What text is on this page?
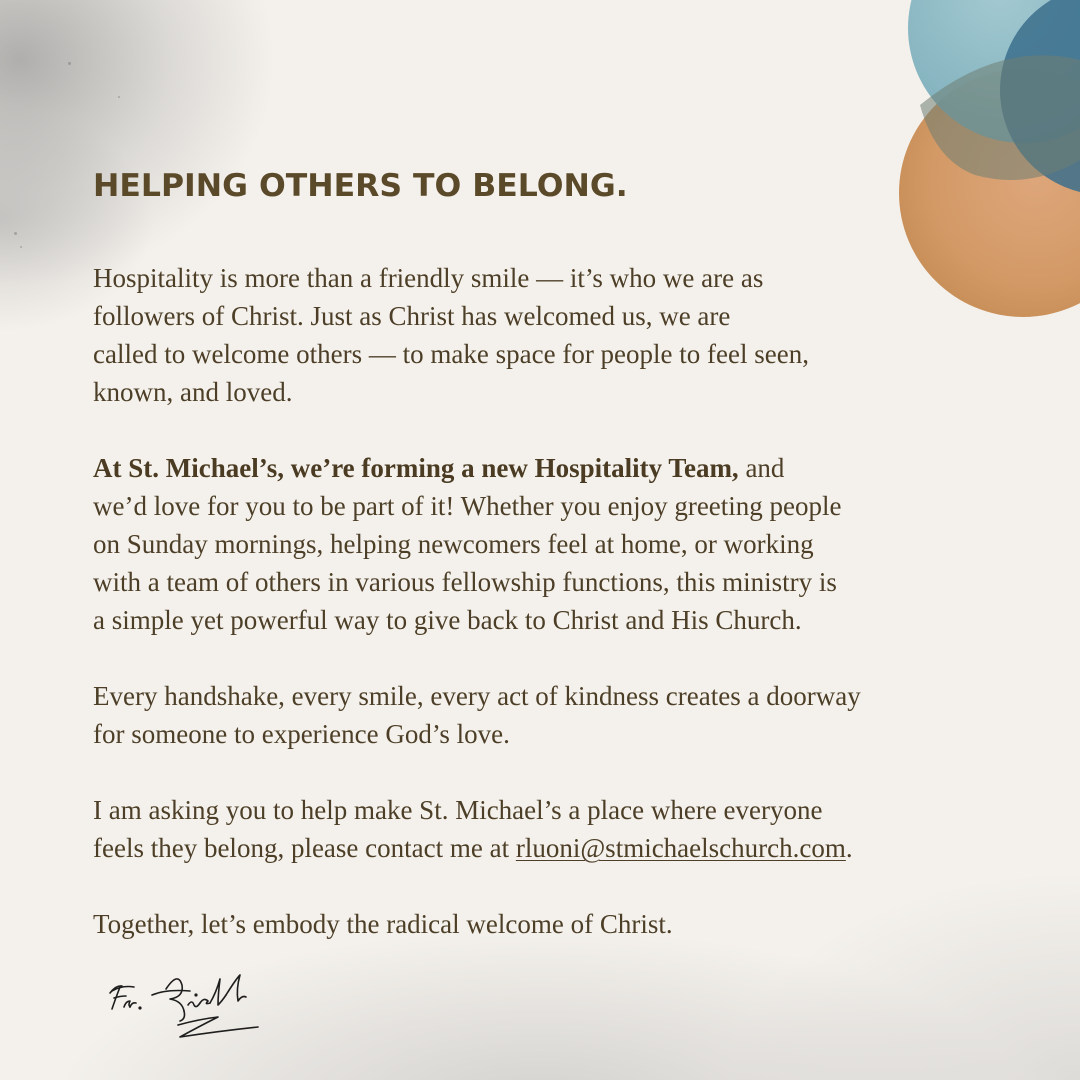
HELPING OTHERS TO BELONG.

Hospitality is more than a friendly smile — it’s who we are as
followers of Christ. Just as Christ has welcomed us, we are
called to welcome others — to make space for people to feel seen,
known, and loved.

At St. Michael’s, we’re forming a new Hospitality Team, and
we’d love for you to be part of it! Whether you enjoy greeting people
on Sunday mornings, helping newcomers feel at home, or working
with a team of others in various fellowship functions, this ministry is
a simple yet powerful way to give back to Christ and His Church.

Every handshake, every smile, every act of kindness creates a doorway
for someone to experience God’s love.

I am asking you to help make St. Michael’s a place where everyone
feels they belong, please contact me at rluoni@stmichaelschurch.com.

Together, let’s embody the radical welcome of Christ.
